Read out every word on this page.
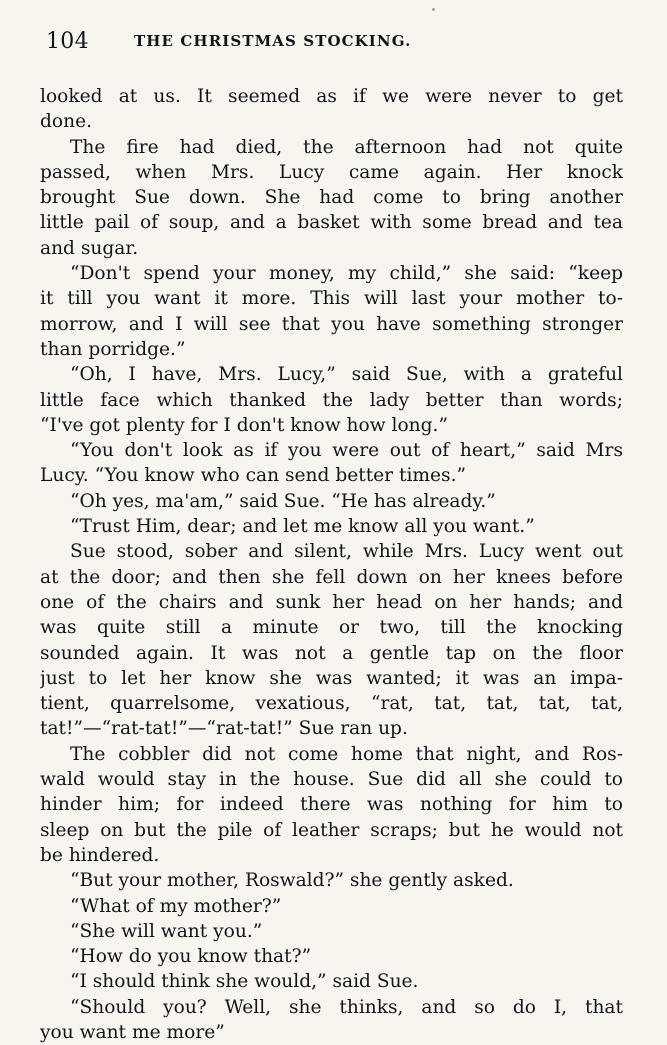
104	THE CHRISTMAS STOCKING.
looked at us. It seemed as if we were never to get
done.
The fire had died, the afternoon had not quite
passed, when Mrs. Lucy came again. Her knock
brought Sue down. She had come to bring another
little pail of soup, and a basket with some bread and tea
and sugar.
“Don't spend your money, my child,” she said: “keep
it till you want it more. This will last your mother to-
morrow, and I will see that you have something stronger
than porridge.”
“Oh, I have, Mrs. Lucy,” said Sue, with a grateful
little face which thanked the lady better than words;
“I've got plenty for I don't know how long.”
“You don't look as if you were out of heart,” said Mrs
Lucy. “You know who can send better times.”
“Oh yes, ma'am,” said Sue. “He has already.”
“Trust Him, dear; and let me know all you want.”
Sue stood, sober and silent, while Mrs. Lucy went out
at the door; and then she fell down on her knees before
one of the chairs and sunk her head on her hands; and
was quite still a minute or two, till the knocking
sounded again. It was not a gentle tap on the floor
just to let her know she was wanted; it was an impa-
tient, quarrelsome, vexatious, “rat, tat, tat, tat, tat,
tat!”—“rat-tat!”—“rat-tat!” Sue ran up.
The cobbler did not come home that night, and Ros-
wald would stay in the house. Sue did all she could to
hinder him; for indeed there was nothing for him to
sleep on but the pile of leather scraps; but he would not
be hindered.
“But your mother, Roswald?” she gently asked.
“What of my mother?”
“She will want you.”
“How do you know that?”
“I should think she would,” said Sue.
“Should you? Well, she thinks, and so do I, that
you want me more”
